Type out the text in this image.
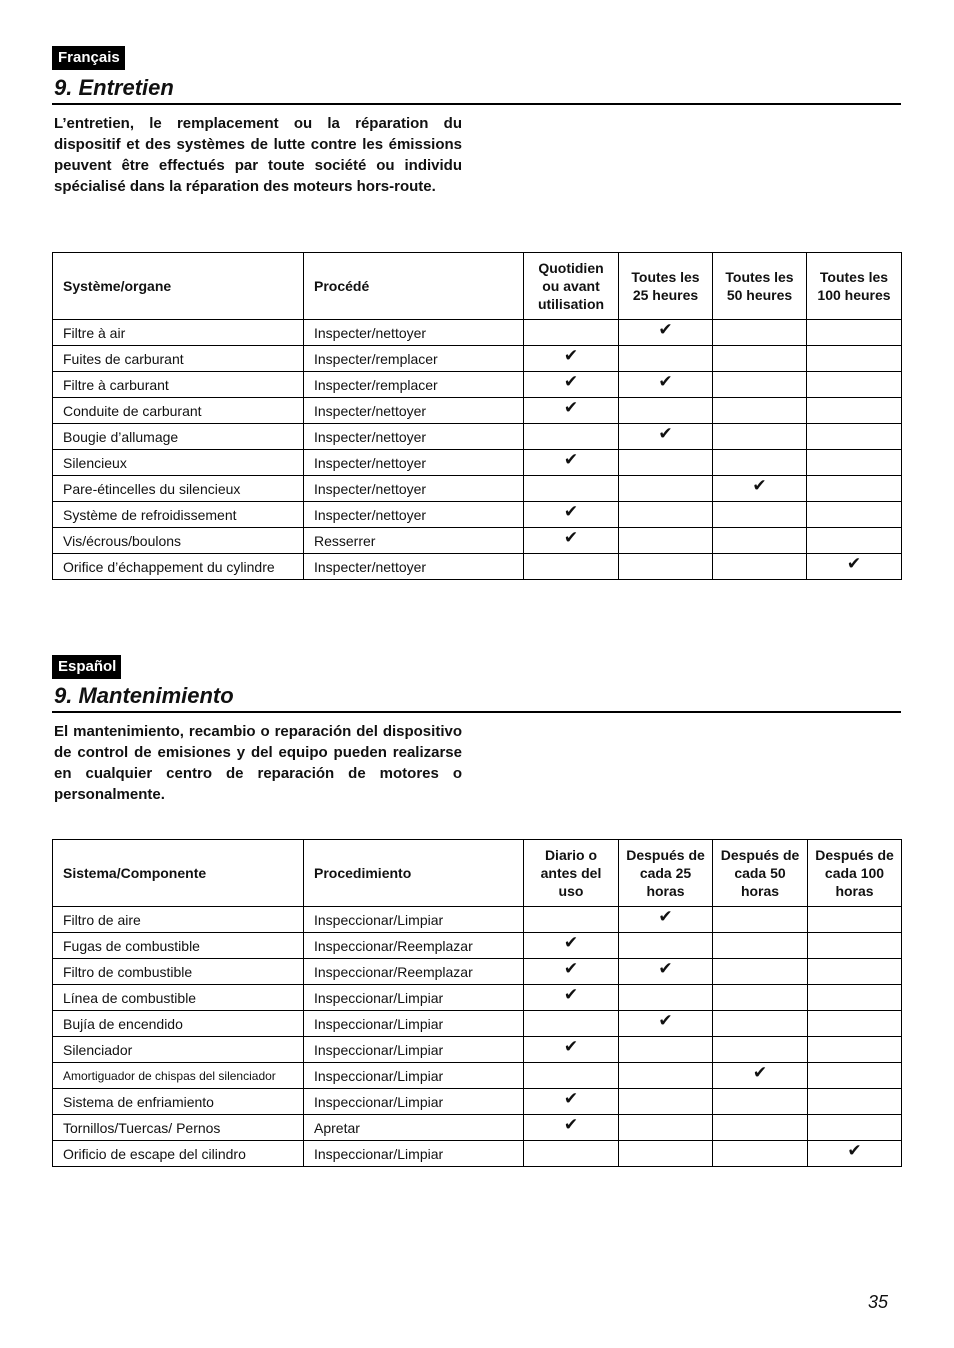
Français
9. Entretien
L’entretien, le remplacement ou la réparation du dispositif et des systèmes de lutte contre les émissions peuvent être effectués par toute société ou individu spécialisé dans la réparation des moteurs hors-route.
Système/organe	Procédé	Quotidien ou avant utilisation	Toutes les 25 heures	Toutes les 50 heures	Toutes les 100 heures
Filtre à air	Inspecter/nettoyer		✔		
Fuites de carburant	Inspecter/remplacer	✔			
Filtre à carburant	Inspecter/remplacer	✔	✔		
Conduite de carburant	Inspecter/nettoyer	✔			
Bougie d’allumage	Inspecter/nettoyer		✔		
Silencieux	Inspecter/nettoyer	✔			
Pare-étincelles du silencieux	Inspecter/nettoyer			✔	
Système de refroidissement	Inspecter/nettoyer	✔			
Vis/écrous/boulons	Resserrer	✔			
Orifice d’échappement du cylindre	Inspecter/nettoyer				✔
Español
9. Mantenimiento
El mantenimiento, recambio o reparación del dispositivo de control de emisiones y del equipo pueden realizarse en cualquier centro de reparación de motores o personalmente.
Sistema/Componente	Procedimiento	Diario o antes del uso	Después de cada 25 horas	Después de cada 50 horas	Después de cada 100 horas
Filtro de aire	Inspeccionar/Limpiar		✔		
Fugas de combustible	Inspeccionar/Reemplazar	✔			
Filtro de combustible	Inspeccionar/Reemplazar	✔	✔		
Línea de combustible	Inspeccionar/Limpiar	✔			
Bujía de encendido	Inspeccionar/Limpiar		✔		
Silenciador	Inspeccionar/Limpiar	✔			
Amortiguador de chispas del silenciador	Inspeccionar/Limpiar			✔	
Sistema de enfriamiento	Inspeccionar/Limpiar	✔			
Tornillos/Tuercas/ Pernos	Apretar	✔			
Orificio de escape del cilindro	Inspeccionar/Limpiar				✔
35
